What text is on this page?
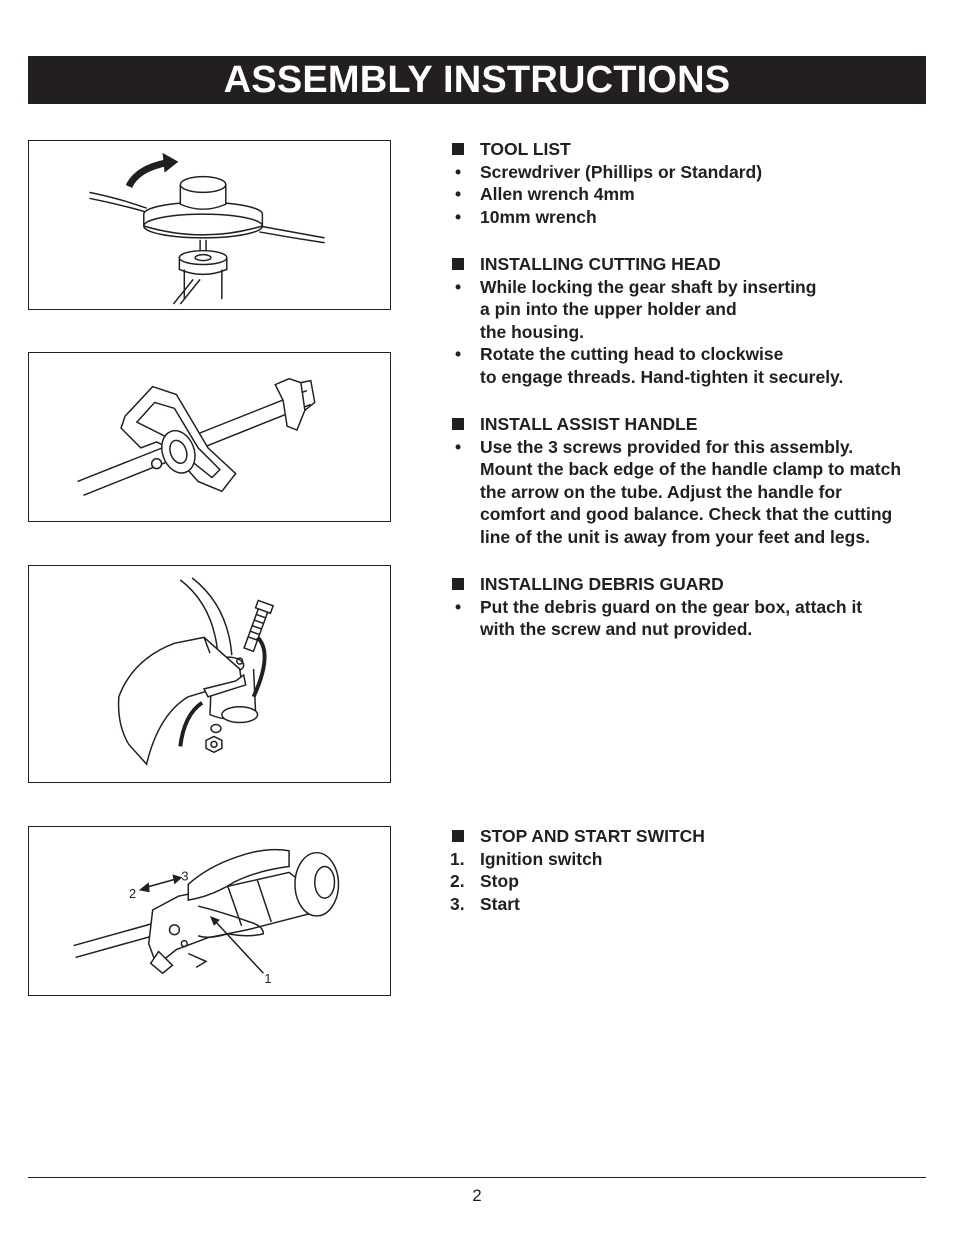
ASSEMBLY INSTRUCTIONS
2
3
1
TOOL LIST
• Screwdriver (Phillips or Standard)
• Allen wrench 4mm
• 10mm wrench
INSTALLING CUTTING HEAD
• While locking the gear shaft by inserting
a pin into the upper holder and
the housing.
• Rotate the cutting head to clockwise
to engage threads. Hand-tighten it securely.
INSTALL ASSIST HANDLE
• Use the 3 screws provided for this assembly.
Mount the back edge of the handle clamp to match
the arrow on the tube. Adjust the handle for
comfort and good balance. Check that the cutting
line of the unit is away from your feet and legs.
INSTALLING DEBRIS GUARD
• Put the debris guard on the gear box, attach it
with the screw and nut provided.
STOP AND START SWITCH
1. Ignition switch
2. Stop
3. Start
2
